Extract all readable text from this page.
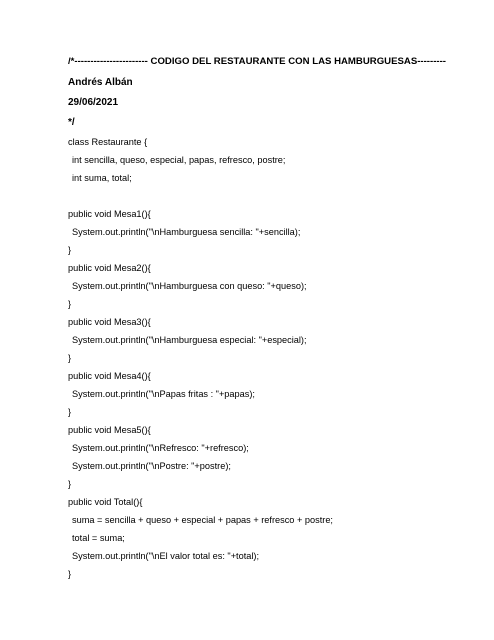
/*----------------------- CODIGO DEL RESTAURANTE CON LAS HAMBURGUESAS---------
Andrés Albán
29/06/2021
*/
class Restaurante {
int sencilla, queso, especial, papas, refresco, postre;
int suma, total;
public void Mesa1(){
System.out.println("\nHamburguesa sencilla: "+sencilla);
}
public void Mesa2(){
System.out.println("\nHamburguesa con queso: "+queso);
}
public void Mesa3(){
System.out.println("\nHamburguesa especial: "+especial);
}
public void Mesa4(){
System.out.println("\nPapas fritas : "+papas);
}
public void Mesa5(){
System.out.println("\nRefresco: "+refresco);
System.out.println("\nPostre: "+postre);
}
public void Total(){
suma = sencilla + queso + especial + papas + refresco + postre;
total = suma;
System.out.println("\nEl valor total es: "+total);
}
